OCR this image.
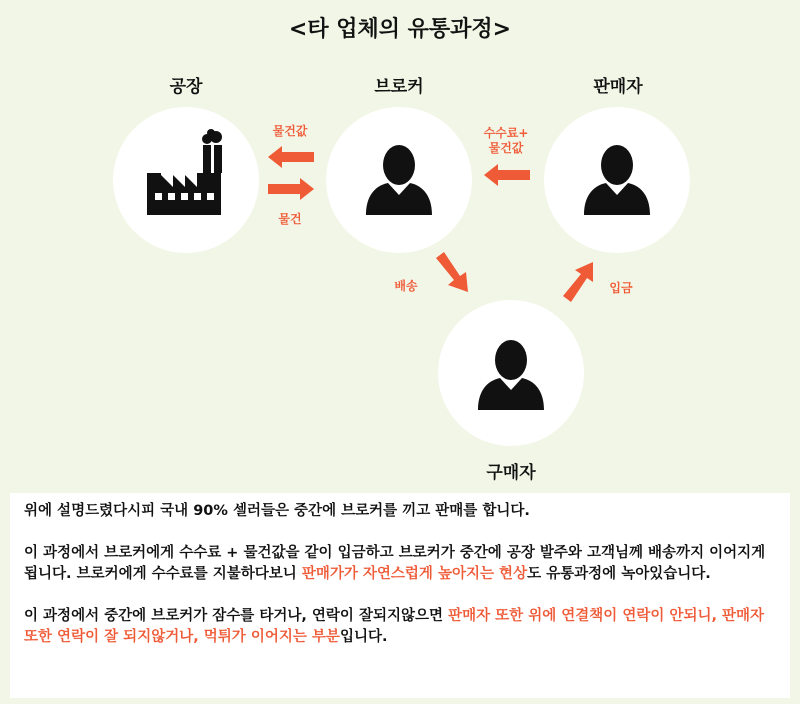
<타 업체의 유통과정>
공장	브로커	판매자
구매자
물건값
물건
수수료+
물건값
배송	입금

위에 설명드렸다시피 국내 90% 셀러들은 중간에 브로커를 끼고 판매를 합니다.

이 과정에서 브로커에게 수수료 + 물건값을 같이 입금하고 브로커가 중간에 공장 발주와 고객님께 배송까지 이어지게 됩니다. 브로커에게 수수료를 지불하다보니 판매가가 자연스럽게 높아지는 현상도 유통과정에 녹아있습니다.

이 과정에서 중간에 브로커가 잠수를 타거나, 연락이 잘되지않으면 판매자 또한 위에 연결책이 연락이 안되니, 판매자 또한 연락이 잘 되지않거나, 먹튀가 이어지는 부분입니다.
